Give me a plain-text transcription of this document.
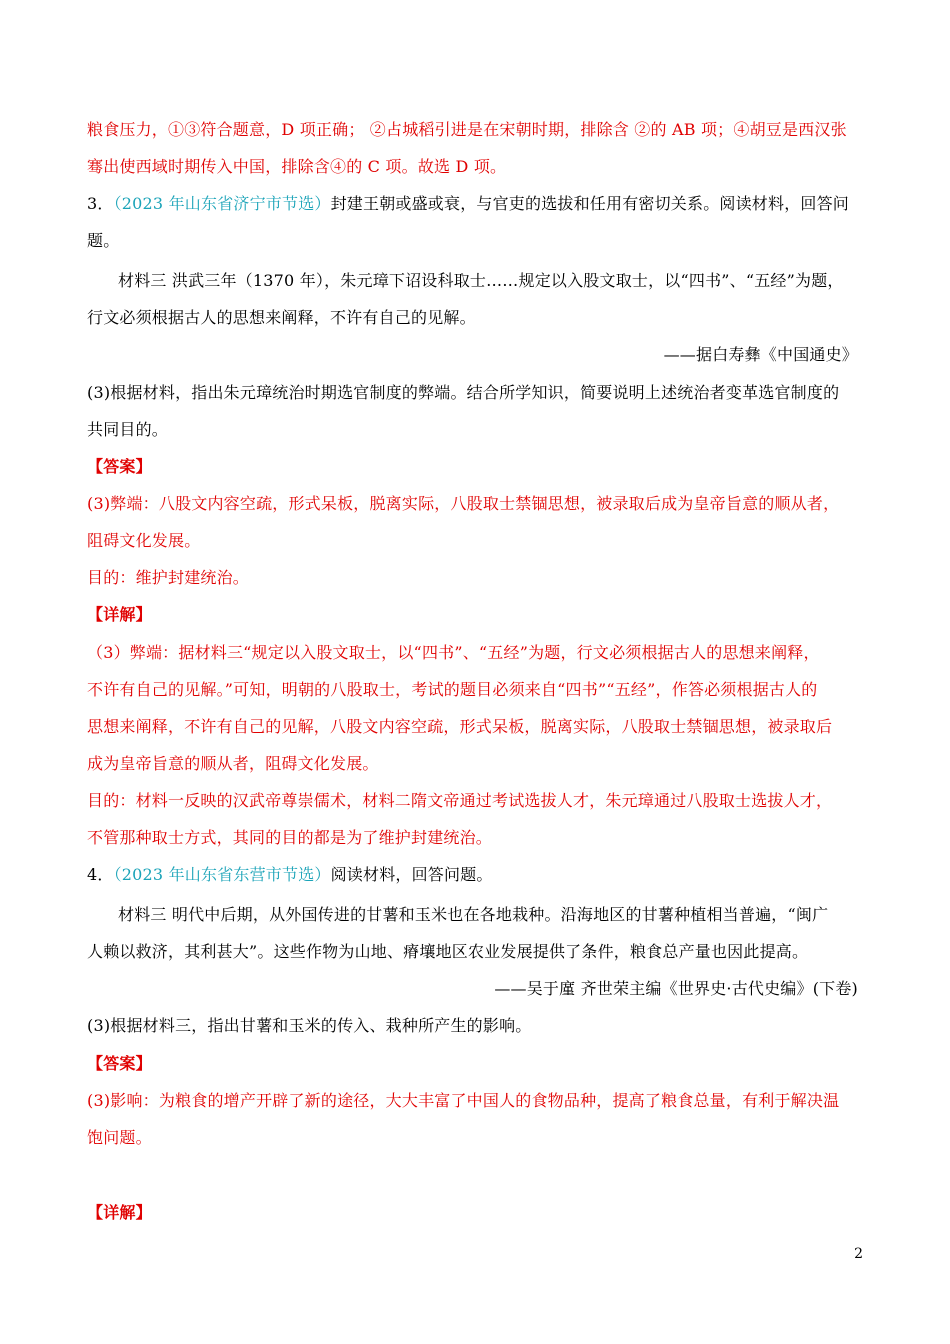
粮食压力，①③符合题意，D 项正确； ②占城稻引进是在宋朝时期，排除含 ②的 AB 项；④胡豆是西汉张
骞出使西域时期传入中国，排除含④的 C 项。故选 D 项。
3．（2023 年山东省济宁市节选）封建王朝或盛或衰，与官吏的选拔和任用有密切关系。阅读材料，回答问
题。
材料三 洪武三年（1370 年），朱元璋下诏设科取士……规定以入股文取士，以“四书”、“五经”为题，
行文必须根据古人的思想来阐释，不许有自己的见解。
——据白寿彝《中国通史》
(3)根据材料，指出朱元璋统治时期选官制度的弊端。结合所学知识，简要说明上述统治者变革选官制度的
共同目的。
【答案】
(3)弊端：八股文内容空疏，形式呆板，脱离实际，八股取士禁锢思想，被录取后成为皇帝旨意的顺从者，
阻碍文化发展。
目的：维护封建统治。
【详解】
（3）弊端：据材料三“规定以入股文取士，以“四书”、“五经”为题，行文必须根据古人的思想来阐释，
不许有自己的见解。”可知，明朝的八股取士，考试的题目必须来自“四书”“五经”，作答必须根据古人的
思想来阐释，不许有自己的见解，八股文内容空疏，形式呆板，脱离实际，八股取士禁锢思想，被录取后
成为皇帝旨意的顺从者，阻碍文化发展。
目的：材料一反映的汉武帝尊崇儒术，材料二隋文帝通过考试选拔人才，朱元璋通过八股取士选拔人才，
不管那种取士方式，其同的目的都是为了维护封建统治。
4．（2023 年山东省东营市节选）阅读材料，回答问题。
材料三 明代中后期，从外国传进的甘薯和玉米也在各地栽种。沿海地区的甘薯种植相当普遍，“闽广
人赖以救济，其利甚大”。这些作物为山地、瘠壤地区农业发展提供了条件，粮食总产量也因此提高。
——吴于廑 齐世荣主编《世界史·古代史编》(下卷)
(3)根据材料三，指出甘薯和玉米的传入、栽种所产生的影响。
【答案】
(3)影响：为粮食的增产开辟了新的途径，大大丰富了中国人的食物品种，提高了粮食总量，有利于解决温
饱问题。
【详解】
2
